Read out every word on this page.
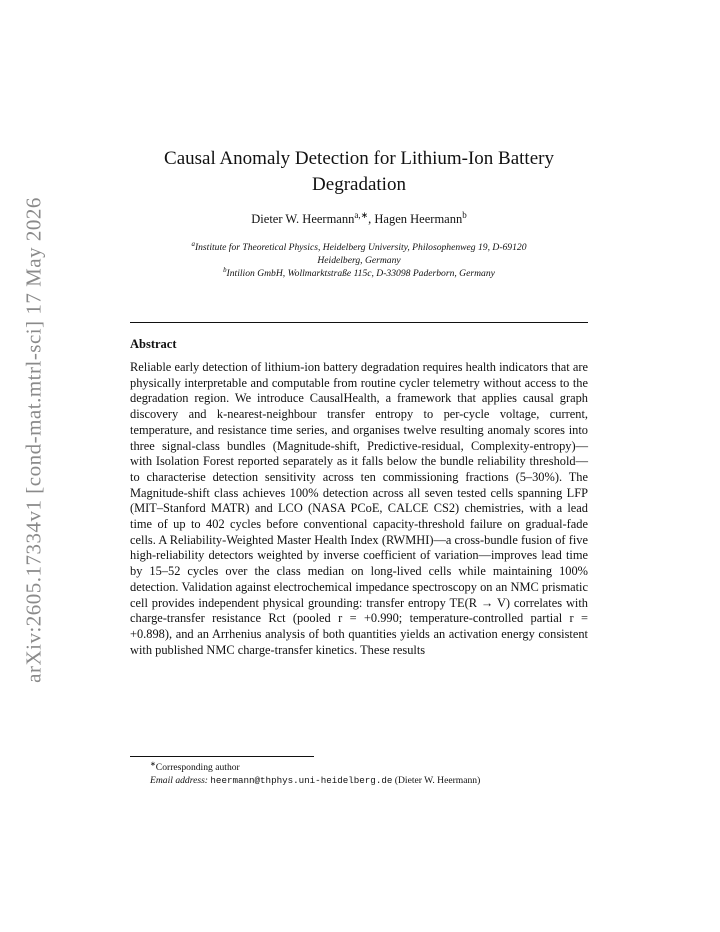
arXiv:2605.17334v1 [cond-mat.mtrl-sci] 17 May 2026
Causal Anomaly Detection for Lithium-Ion Battery
Degradation
Dieter W. Heermann$^{a,∗}$, Hagen Heermann$^b$
$^a$Institute for Theoretical Physics, Heidelberg University, Philosophenweg 19, D-69120
Heidelberg, Germany
$^b$Intilion GmbH, Wollmarktstraße 115c, D-33098 Paderborn, Germany
Abstract
Reliable early detection of lithium-ion battery degradation requires health indicators that are physically interpretable and computable from routine cycler telemetry without access to the degradation region. We introduce CausalHealth, a framework that applies causal graph discovery and k-nearest-neighbour transfer entropy to per-cycle voltage, current, temperature, and resistance time series, and organises twelve resulting anomaly scores into three signal-class bundles (Magnitude-shift, Predictive-residual, Complexity-entropy)—with Isolation Forest reported separately as it falls below the bundle reliability threshold—to characterise detection sensitivity across ten commissioning fractions (5–30%). The Magnitude-shift class achieves 100% detection across all seven tested cells spanning LFP (MIT–Stanford MATR) and LCO (NASA PCoE, CALCE CS2) chemistries, with a lead time of up to 402 cycles before conventional capacity-threshold failure on gradual-fade cells. A Reliability-Weighted Master Health Index (RWMHI)—a cross-bundle fusion of five high-reliability detectors weighted by inverse coefficient of variation—improves lead time by 15–52 cycles over the class median on long-lived cells while maintaining 100% detection. Validation against electrochemical impedance spectroscopy on an NMC prismatic cell provides independent physical grounding: transfer entropy TE(R → V) correlates with charge-transfer resistance Rct (pooled r = +0.990; temperature-controlled partial r = +0.898), and an Arrhenius analysis of both quantities yields an activation energy consistent with published NMC charge-transfer kinetics. These results
∗Corresponding author
Email address: heermann@thphys.uni-heidelberg.de (Dieter W. Heermann)
